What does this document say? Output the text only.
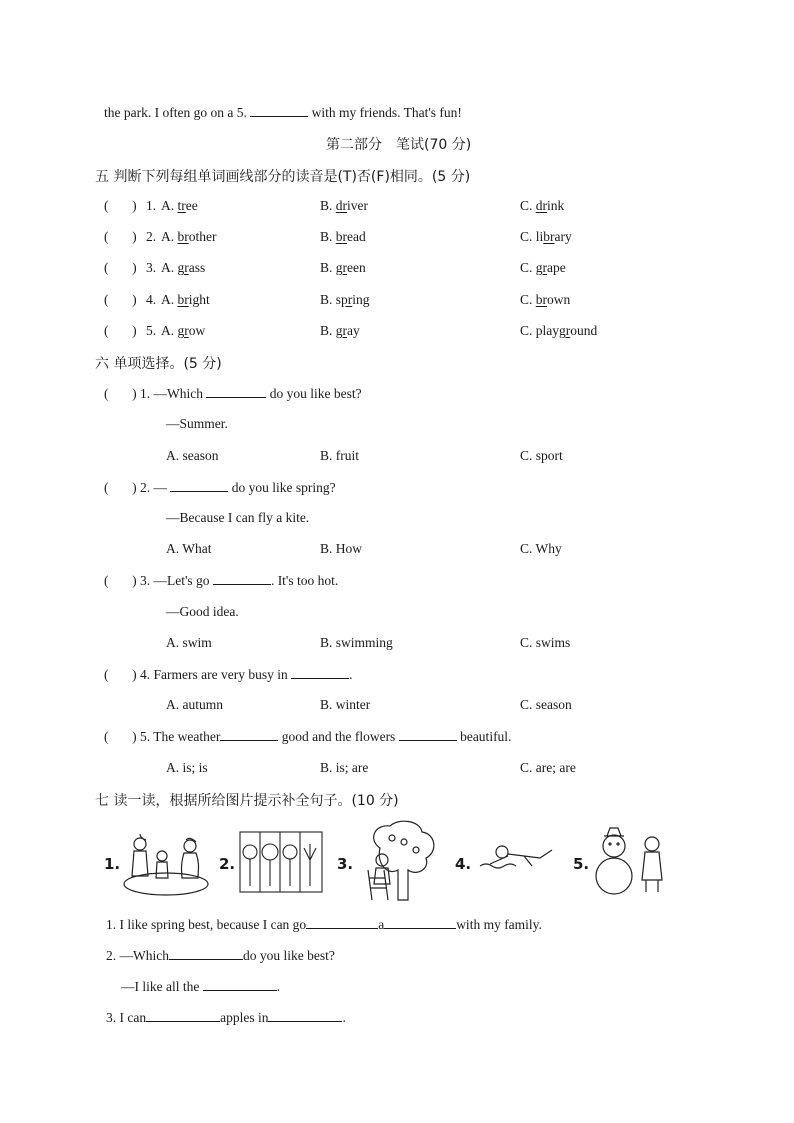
the park. I often go on a 5.	with my friends. That's fun!
第二部分　笔试(70 分)
五 判断下列每组单词画线部分的读音是(T)否(F)相同。(5 分)
(       ) 1. A. tree	B. driver	C. drink
(       ) 2. A. brother	B. bread	C. library
(       ) 3. A. grass	B. green	C. grape
(       ) 4. A. bright	B. spring	C. brown
(       ) 5. A. grow	B. gray	C. playground
六 单项选择。(5 分)
(       ) 1. —Which	do you like best?
—Summer.
A. season	B. fruit	C. sport
(       ) 2. —	do you like spring?
—Because I can fly a kite.
A. What	B. How	C. Why
(       ) 3. —Let's go	. It's too hot.
—Good idea.
A. swim	B. swimming	C. swims
(       ) 4. Farmers are very busy in	.
A. autumn	B. winter	C. season
(       ) 5. The weather	good and the flowers	beautiful.
A. is; is	B. is; are	C. are; are
七 读一读，根据所给图片提示补全句子。(10 分)
1.	2.	3.	4.	5.
1. I like spring best, because I can go	a	with my family.
2. —Which	do you like best?
—I like all the	.
3. I can	apples in	.
